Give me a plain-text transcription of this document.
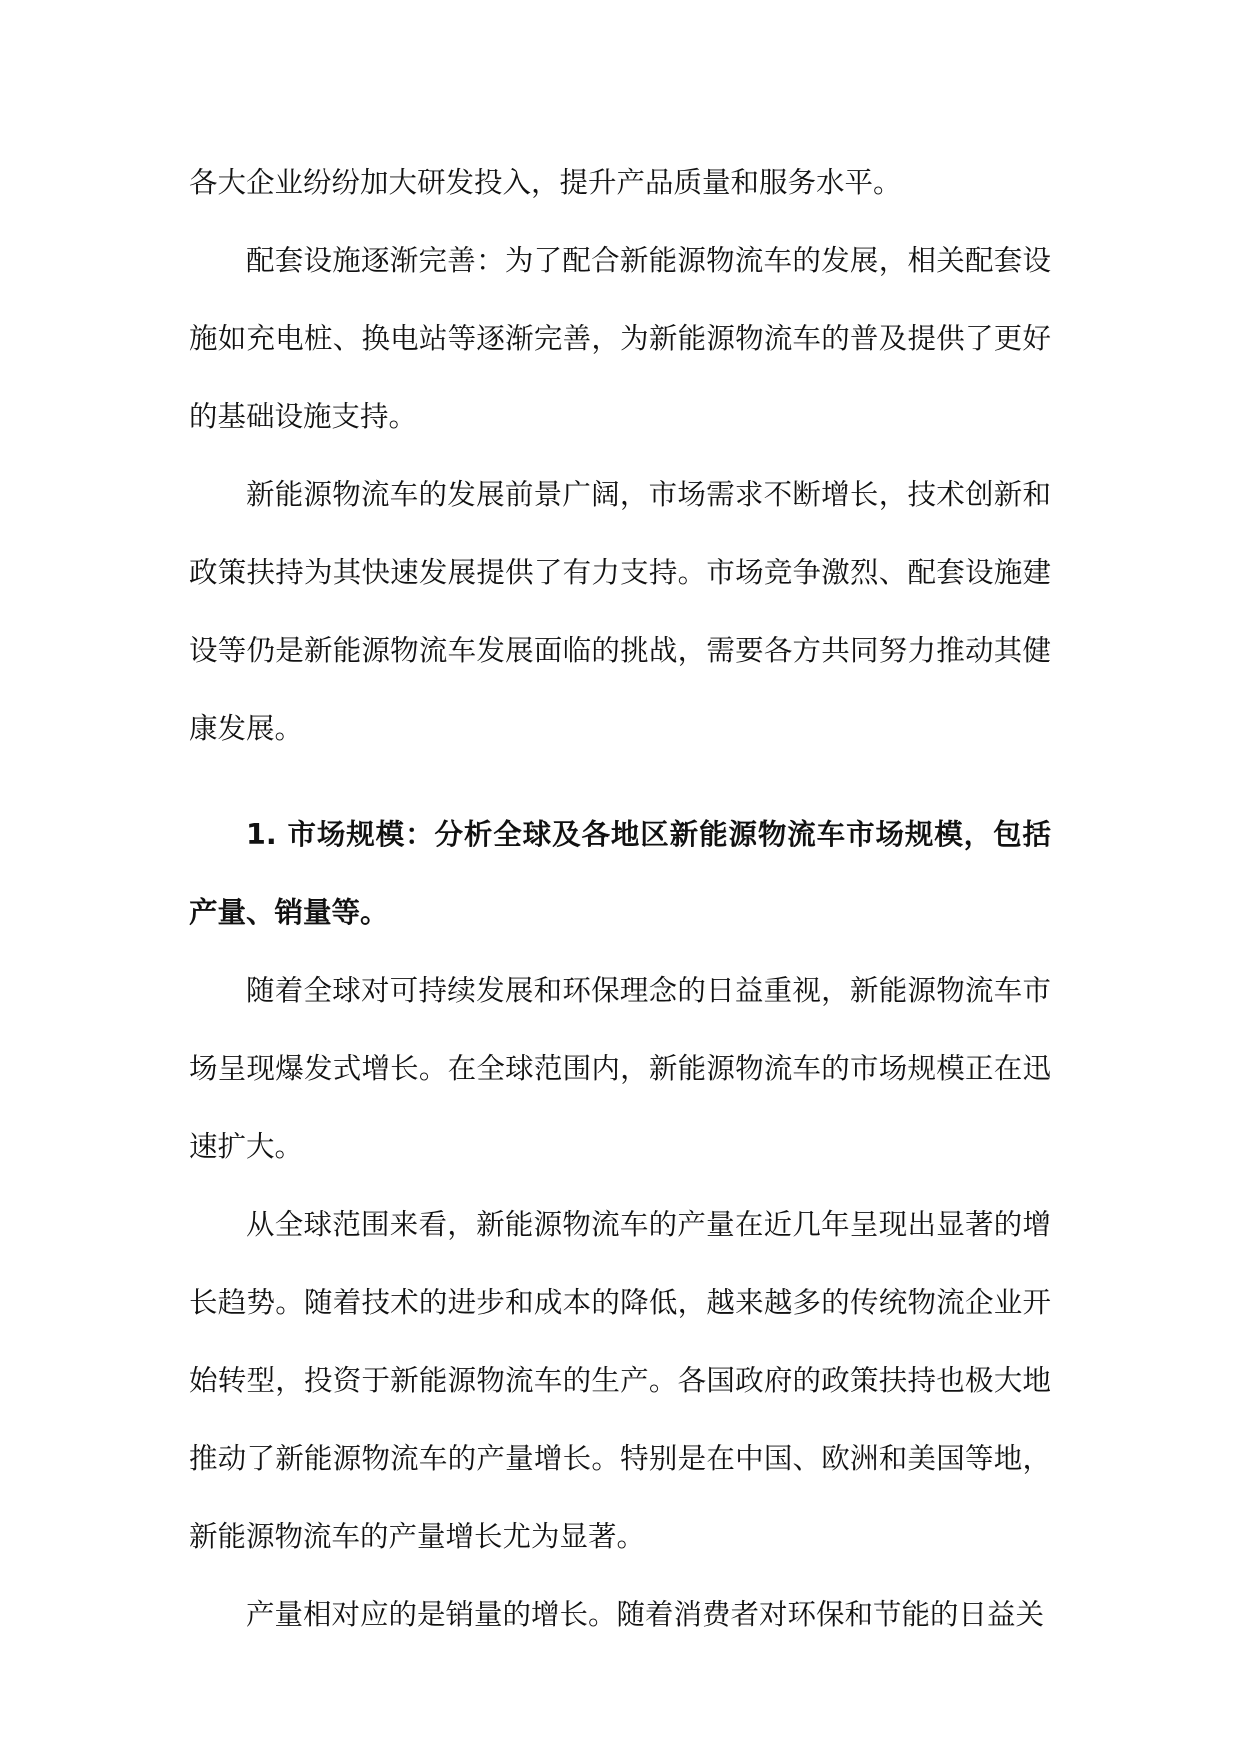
各大企业纷纷加大研发投入，提升产品质量和服务水平。

配套设施逐渐完善：为了配合新能源物流车的发展，相关配套设施如充电桩、换电站等逐渐完善，为新能源物流车的普及提供了更好的基础设施支持。

新能源物流车的发展前景广阔，市场需求不断增长，技术创新和政策扶持为其快速发展提供了有力支持。市场竞争激烈、配套设施建设等仍是新能源物流车发展面临的挑战，需要各方共同努力推动其健康发展。

1. 市场规模：分析全球及各地区新能源物流车市场规模，包括产量、销量等。

随着全球对可持续发展和环保理念的日益重视，新能源物流车市场呈现爆发式增长。在全球范围内，新能源物流车的市场规模正在迅速扩大。

从全球范围来看，新能源物流车的产量在近几年呈现出显著的增长趋势。随着技术的进步和成本的降低，越来越多的传统物流企业开始转型，投资于新能源物流车的生产。各国政府的政策扶持也极大地推动了新能源物流车的产量增长。特别是在中国、欧洲和美国等地，新能源物流车的产量增长尤为显著。

产量相对应的是销量的增长。随着消费者对环保和节能的日益关
